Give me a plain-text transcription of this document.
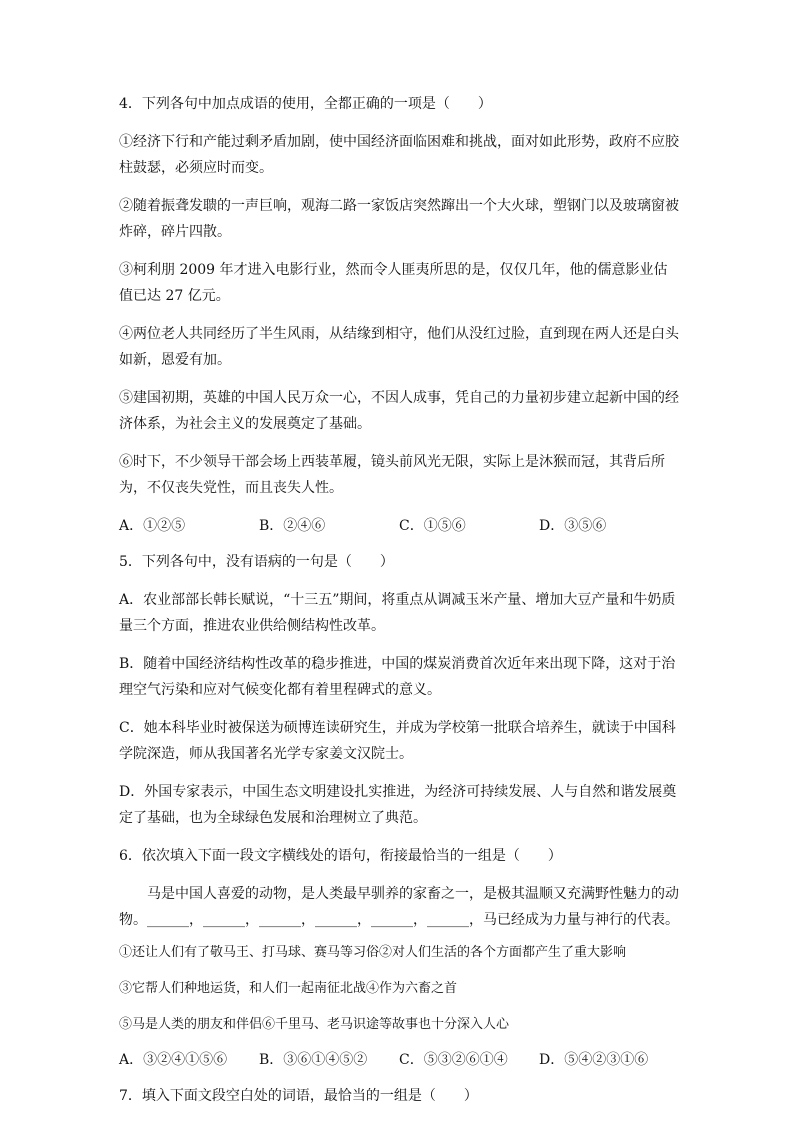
4．下列各句中加点成语的使用，全都正确的一项是（　　）

①经济下行和产能过剩矛盾加剧，使中国经济面临困难和挑战，面对如此形势，政府不应胶柱鼓瑟，必须应时而变。

②随着振聋发聩的一声巨响，观海二路一家饭店突然蹿出一个大火球，塑钢门以及玻璃窗被炸碎，碎片四散。

③柯利朋 2009 年才进入电影行业，然而令人匪夷所思的是，仅仅几年，他的儒意影业估值已达 27 亿元。

④两位老人共同经历了半生风雨，从结缘到相守，他们从没红过脸，直到现在两人还是白头如新，恩爱有加。

⑤建国初期，英雄的中国人民万众一心，不因人成事，凭自己的力量初步建立起新中国的经济体系，为社会主义的发展奠定了基础。

⑥时下，不少领导干部会场上西装革履，镜头前风光无限，实际上是沐猴而冠，其背后所为，不仅丧失党性，而且丧失人性。

A．①②⑤	B．②④⑥	C．①⑤⑥	D．③⑤⑥

5．下列各句中，没有语病的一句是（　　）

A．农业部部长韩长赋说，“十三五”期间，将重点从调减玉米产量、增加大豆产量和牛奶质量三个方面，推进农业供给侧结构性改革。

B．随着中国经济结构性改革的稳步推进，中国的煤炭消费首次近年来出现下降，这对于治理空气污染和应对气候变化都有着里程碑式的意义。

C．她本科毕业时被保送为硕博连读研究生，并成为学校第一批联合培养生，就读于中国科学院深造，师从我国著名光学专家姜文汉院士。

D．外国专家表示，中国生态文明建设扎实推进，为经济可持续发展、人与自然和谐发展奠定了基础，也为全球绿色发展和治理树立了典范。

6．依次填入下面一段文字横线处的语句，衔接最恰当的一组是（　　）

马是中国人喜爱的动物，是人类最早驯养的家畜之一，是极其温顺又充满野性魅力的动物。______，______，______，______，______，______，马已经成为力量与神行的代表。

①还让人们有了敬马王、打马球、赛马等习俗②对人们生活的各个方面都产生了重大影响

③它帮人们种地运货，和人们一起南征北战④作为六畜之首

⑤马是人类的朋友和伴侣⑥千里马、老马识途等故事也十分深入人心

A．③②④①⑤⑥	B．③⑥①④⑤②	C．⑤③②⑥①④	D．⑤④②③①⑥

7．填入下面文段空白处的词语，最恰当的一组是（　　）
